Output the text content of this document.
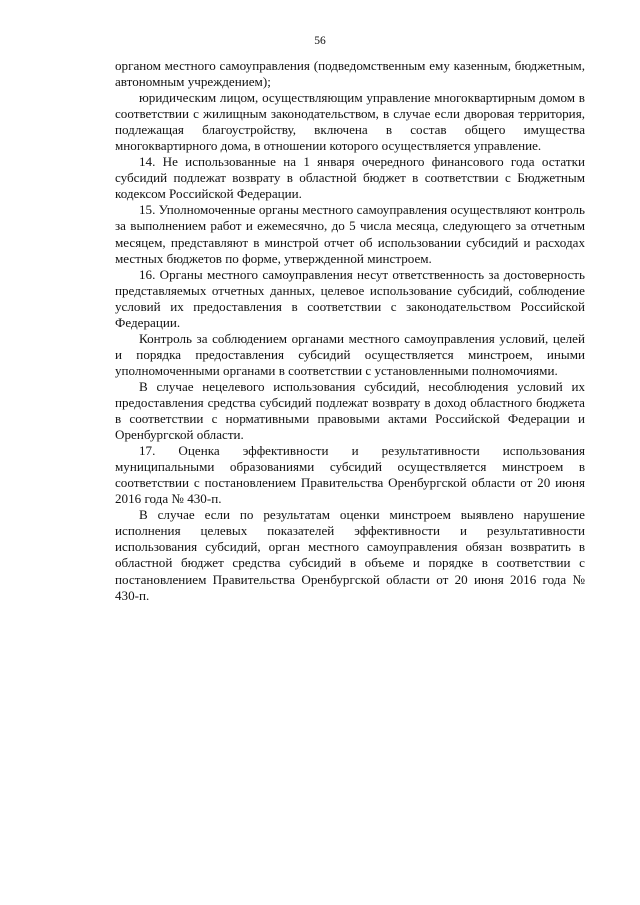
56

органом местного самоуправления (подведомственным ему казенным, бюджетным, автономным учреждением);

юридическим лицом, осуществляющим управление многоквартирным домом в соответствии с жилищным законодательством, в случае если дворовая территория, подлежащая благоустройству, включена в состав общего имущества многоквартирного дома, в отношении которого осуществляется управление.

14. Не использованные на 1 января очередного финансового года остатки субсидий подлежат возврату в областной бюджет в соответствии с Бюджетным кодексом Российской Федерации.

15. Уполномоченные органы местного самоуправления осуществляют контроль за выполнением работ и ежемесячно, до 5 числа месяца, следующего за отчетным месяцем, представляют в минстрой отчет об использовании субсидий и расходах местных бюджетов по форме, утвержденной минстроем.

16. Органы местного самоуправления несут ответственность за достоверность представляемых отчетных данных, целевое использование субсидий, соблюдение условий их предоставления в соответствии с законодательством Российской Федерации.

Контроль за соблюдением органами местного самоуправления условий, целей и порядка предоставления субсидий осуществляется минстроем, иными уполномоченными органами в соответствии с установленными полномочиями.

В случае нецелевого использования субсидий, несоблюдения условий их предоставления средства субсидий подлежат возврату в доход областного бюджета в соответствии с нормативными правовыми актами Российской Федерации и Оренбургской области.

17. Оценка эффективности и результативности использования муниципальными образованиями субсидий осуществляется минстроем в соответствии с постановлением Правительства Оренбургской области от 20 июня 2016 года № 430-п.

В случае если по результатам оценки минстроем выявлено нарушение исполнения целевых показателей эффективности и результативности использования субсидий, орган местного самоуправления обязан возвратить в областной бюджет средства субсидий в объеме и порядке в соответствии с постановлением Правительства Оренбургской области от 20 июня 2016 года № 430-п.
